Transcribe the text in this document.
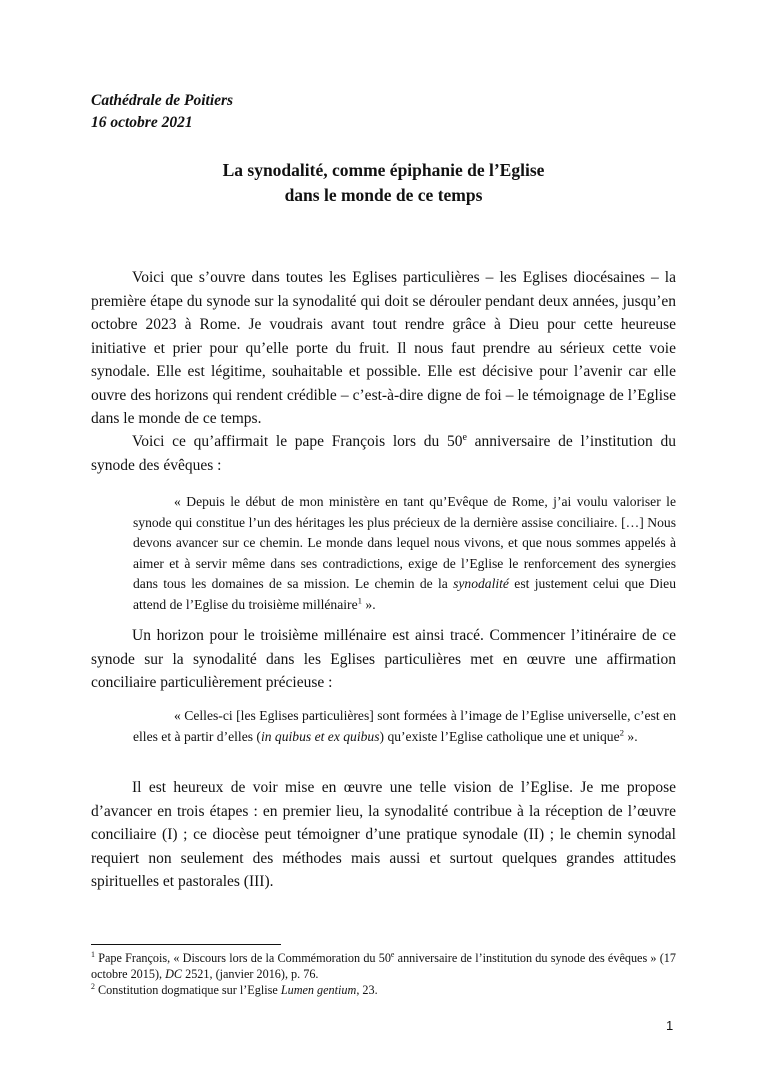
Cathédrale de Poitiers
16 octobre 2021
La synodalité, comme épiphanie de l’Eglise
dans le monde de ce temps
Voici que s’ouvre dans toutes les Eglises particulières – les Eglises diocésaines – la première étape du synode sur la synodalité qui doit se dérouler pendant deux années, jusqu’en octobre 2023 à Rome. Je voudrais avant tout rendre grâce à Dieu pour cette heureuse initiative et prier pour qu’elle porte du fruit. Il nous faut prendre au sérieux cette voie synodale. Elle est légitime, souhaitable et possible. Elle est décisive pour l’avenir car elle ouvre des horizons qui rendent crédible – c’est-à-dire digne de foi – le témoignage de l’Eglise dans le monde de ce temps.
Voici ce qu’affirmait le pape François lors du 50e anniversaire de l’institution du synode des évêques :
« Depuis le début de mon ministère en tant qu’Evêque de Rome, j’ai voulu valoriser le synode qui constitue l’un des héritages les plus précieux de la dernière assise conciliaire. […] Nous devons avancer sur ce chemin. Le monde dans lequel nous vivons, et que nous sommes appelés à aimer et à servir même dans ses contradictions, exige de l’Eglise le renforcement des synergies dans tous les domaines de sa mission. Le chemin de la synodalité est justement celui que Dieu attend de l’Eglise du troisième millénaire$^1$ ».
Un horizon pour le troisième millénaire est ainsi tracé. Commencer l’itinéraire de ce synode sur la synodalité dans les Eglises particulières met en œuvre une affirmation conciliaire particulièrement précieuse :
« Celles-ci [les Eglises particulières] sont formées à l’image de l’Eglise universelle, c’est en elles et à partir d’elles (in quibus et ex quibus) qu’existe l’Eglise catholique une et unique$^2$ ».
Il est heureux de voir mise en œuvre une telle vision de l’Eglise. Je me propose d’avancer en trois étapes : en premier lieu, la synodalité contribue à la réception de l’œuvre conciliaire (I) ; ce diocèse peut témoigner d’une pratique synodale (II) ; le chemin synodal requiert non seulement des méthodes mais aussi et surtout quelques grandes attitudes spirituelles et pastorales (III).
$^1$ Pape François, « Discours lors de la Commémoration du 50e anniversaire de l’institution du synode des évêques » (17 octobre 2015), DC 2521, (janvier 2016), p. 76.
$^2$ Constitution dogmatique sur l’Eglise Lumen gentium, 23.
1
